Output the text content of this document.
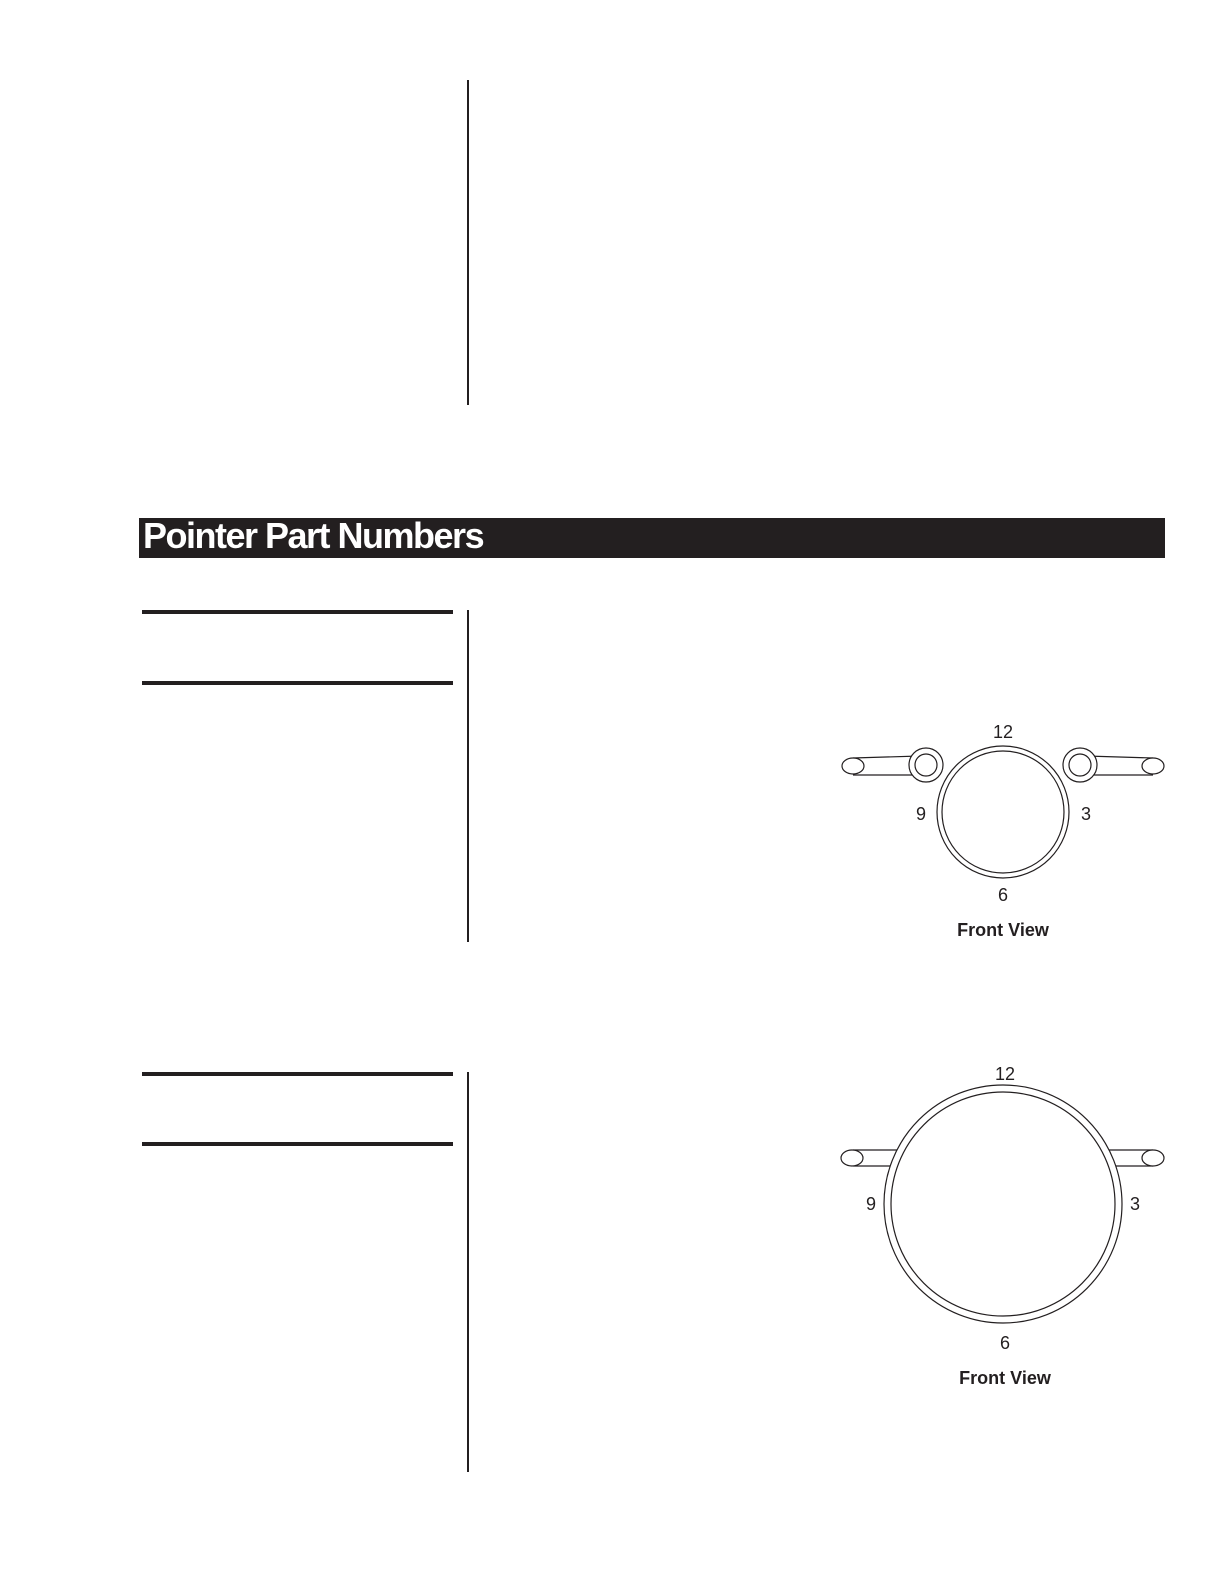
Pointer Part Numbers
12
3
6
9
Front View
12
3
6
9
Front View
